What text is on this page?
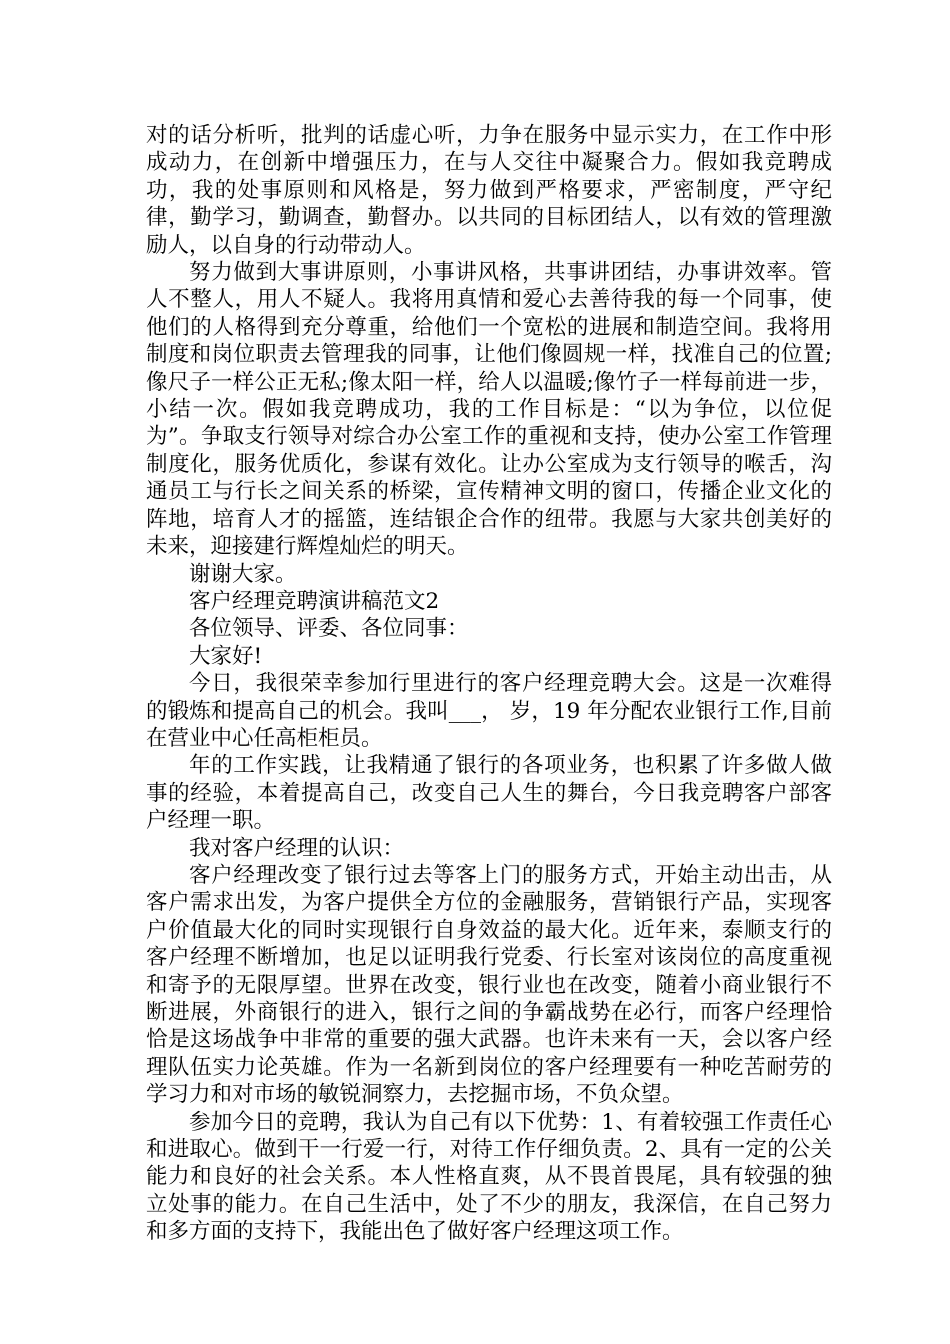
对的话分析听，批判的话虚心听，力争在服务中显示实力，在工作中形成动力，在创新中增强压力，在与人交往中凝聚合力。假如我竞聘成功，我的处事原则和风格是，努力做到严格要求，严密制度，严守纪律，勤学习，勤调查，勤督办。以共同的目标团结人，以有效的管理激励人，以自身的行动带动人。

努力做到大事讲原则，小事讲风格，共事讲团结，办事讲效率。管人不整人，用人不疑人。我将用真情和爱心去善待我的每一个同事，使他们的人格得到充分尊重，给他们一个宽松的进展和制造空间。我将用制度和岗位职责去管理我的同事，让他们像圆规一样，找准自己的位置;像尺子一样公正无私;像太阳一样，给人以温暖;像竹子一样每前进一步，小结一次。假如我竞聘成功，我的工作目标是：“以为争位，以位促为”。争取支行领导对综合办公室工作的重视和支持，使办公室工作管理制度化，服务优质化，参谋有效化。让办公室成为支行领导的喉舌，沟通员工与行长之间关系的桥梁，宣传精神文明的窗口，传播企业文化的阵地，培育人才的摇篮，连结银企合作的纽带。我愿与大家共创美好的未来，迎接建行辉煌灿烂的明天。

谢谢大家。

客户经理竞聘演讲稿范文2

各位领导、评委、各位同事：

大家好!

今日，我很荣幸参加行里进行的客户经理竞聘大会。这是一次难得的锻炼和提高自己的机会。我叫___， 岁，19 年分配农业银行工作,目前在营业中心任高柜柜员。

年的工作实践，让我精通了银行的各项业务，也积累了许多做人做事的经验，本着提高自己，改变自己人生的舞台，今日我竞聘客户部客户经理一职。

我对客户经理的认识：

客户经理改变了银行过去等客上门的服务方式，开始主动出击，从客户需求出发，为客户提供全方位的金融服务，营销银行产品，实现客户价值最大化的同时实现银行自身效益的最大化。近年来，泰顺支行的客户经理不断增加，也足以证明我行党委、行长室对该岗位的高度重视和寄予的无限厚望。世界在改变，银行业也在改变，随着小商业银行不断进展，外商银行的进入，银行之间的争霸战势在必行，而客户经理恰恰是这场战争中非常的重要的强大武器。也许未来有一天，会以客户经理队伍实力论英雄。作为一名新到岗位的客户经理要有一种吃苦耐劳的学习力和对市场的敏锐洞察力，去挖掘市场，不负众望。

参加今日的竞聘，我认为自己有以下优势：1、有着较强工作责任心和进取心。做到干一行爱一行，对待工作仔细负责。2、具有一定的公关能力和良好的社会关系。本人性格直爽，从不畏首畏尾，具有较强的独立处事的能力。在自己生活中，处了不少的朋友，我深信，在自己努力和多方面的支持下，我能出色了做好客户经理这项工作。
